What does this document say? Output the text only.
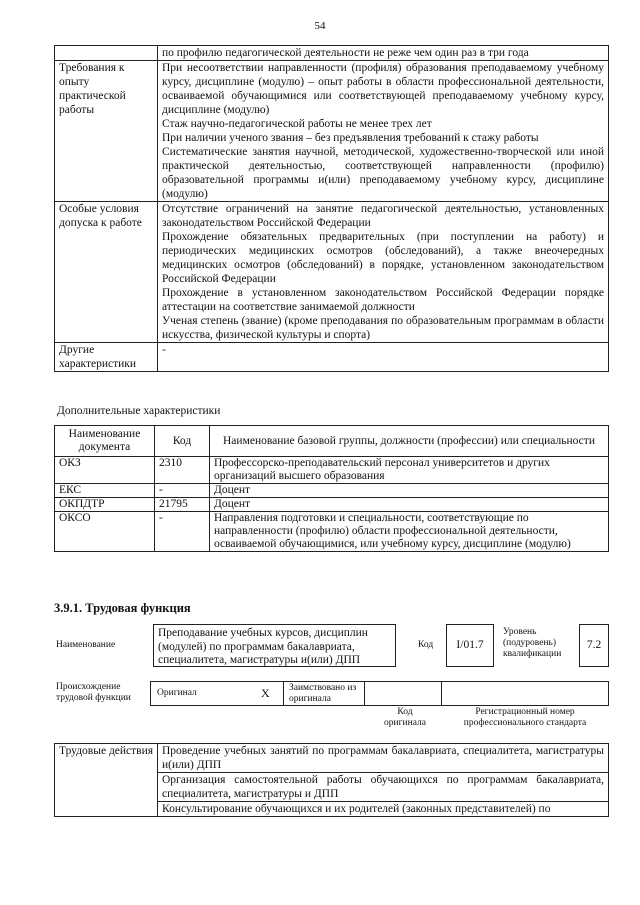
54
	по профилю педагогической деятельности не реже чем один раз в три года
Требования к опыту практической работы	При несоответствии направленности (профиля) образования преподаваемому учебному курсу, дисциплине (модулю) – опыт работы в области профессиональной деятельности, осваиваемой обучающимися или соответствующей преподаваемому учебному курсу, дисциплине (модулю)

Стаж научно-педагогической работы не менее трех лет

При наличии ученого звания – без предъявления требований к стажу работы

Систематические занятия научной, методической, художественно-творческой или иной практической деятельностью, соответствующей направленности (профилю) образовательной программы и(или) преподаваемому учебному курсу, дисциплине (модулю)

Особые условия допуска к работе	Отсутствие ограничений на занятие педагогической деятельностью, установленных законодательством Российской Федерации

Прохождение обязательных предварительных (при поступлении на работу) и периодических медицинских осмотров (обследований), а также внеочередных медицинских осмотров (обследований) в порядке, установленном законодательством Российской Федерации

Прохождение в установленном законодательством Российской Федерации порядке аттестации на соответствие занимаемой должности

Ученая степень (звание) (кроме преподавания по образовательным программам в области искусства, физической культуры и спорта)

Другие характеристики	-
Дополнительные характеристики
Наименование документа	Код	Наименование базовой группы, должности (профессии) или специальности
ОКЗ	2310	Профессорско-преподавательский персонал университетов и других организаций высшего образования
ЕКС	-	Доцент
ОКПДТР	21795	Доцент
ОКСО	-	Направления подготовки и специальности, соответствующие по направленности (профилю) области профессиональной деятельности, осваиваемой обучающимися, или учебному курсу, дисциплине (модулю)
3.9.1. Трудовая функция
Наименование
Преподавание учебных курсов, дисциплин (модулей) по программам бакалавриата, специалитета, магистратуры и(или) ДПП
Код	I/01.7
Уровень (подуровень) квалификации
7.2
Происхождение трудовой функции	Оригинал	X Заимствовано из оригинала
Код оригинала
Регистрационный номер профессионального стандарта
Трудовые действия	Проведение учебных занятий по программам бакалавриата, специалитета, магистратуры и(или) ДПП
Организация самостоятельной работы обучающихся по программам бакалавриата, специалитета, магистратуры и ДПП
Консультирование обучающихся и их родителей (законных представителей) по
